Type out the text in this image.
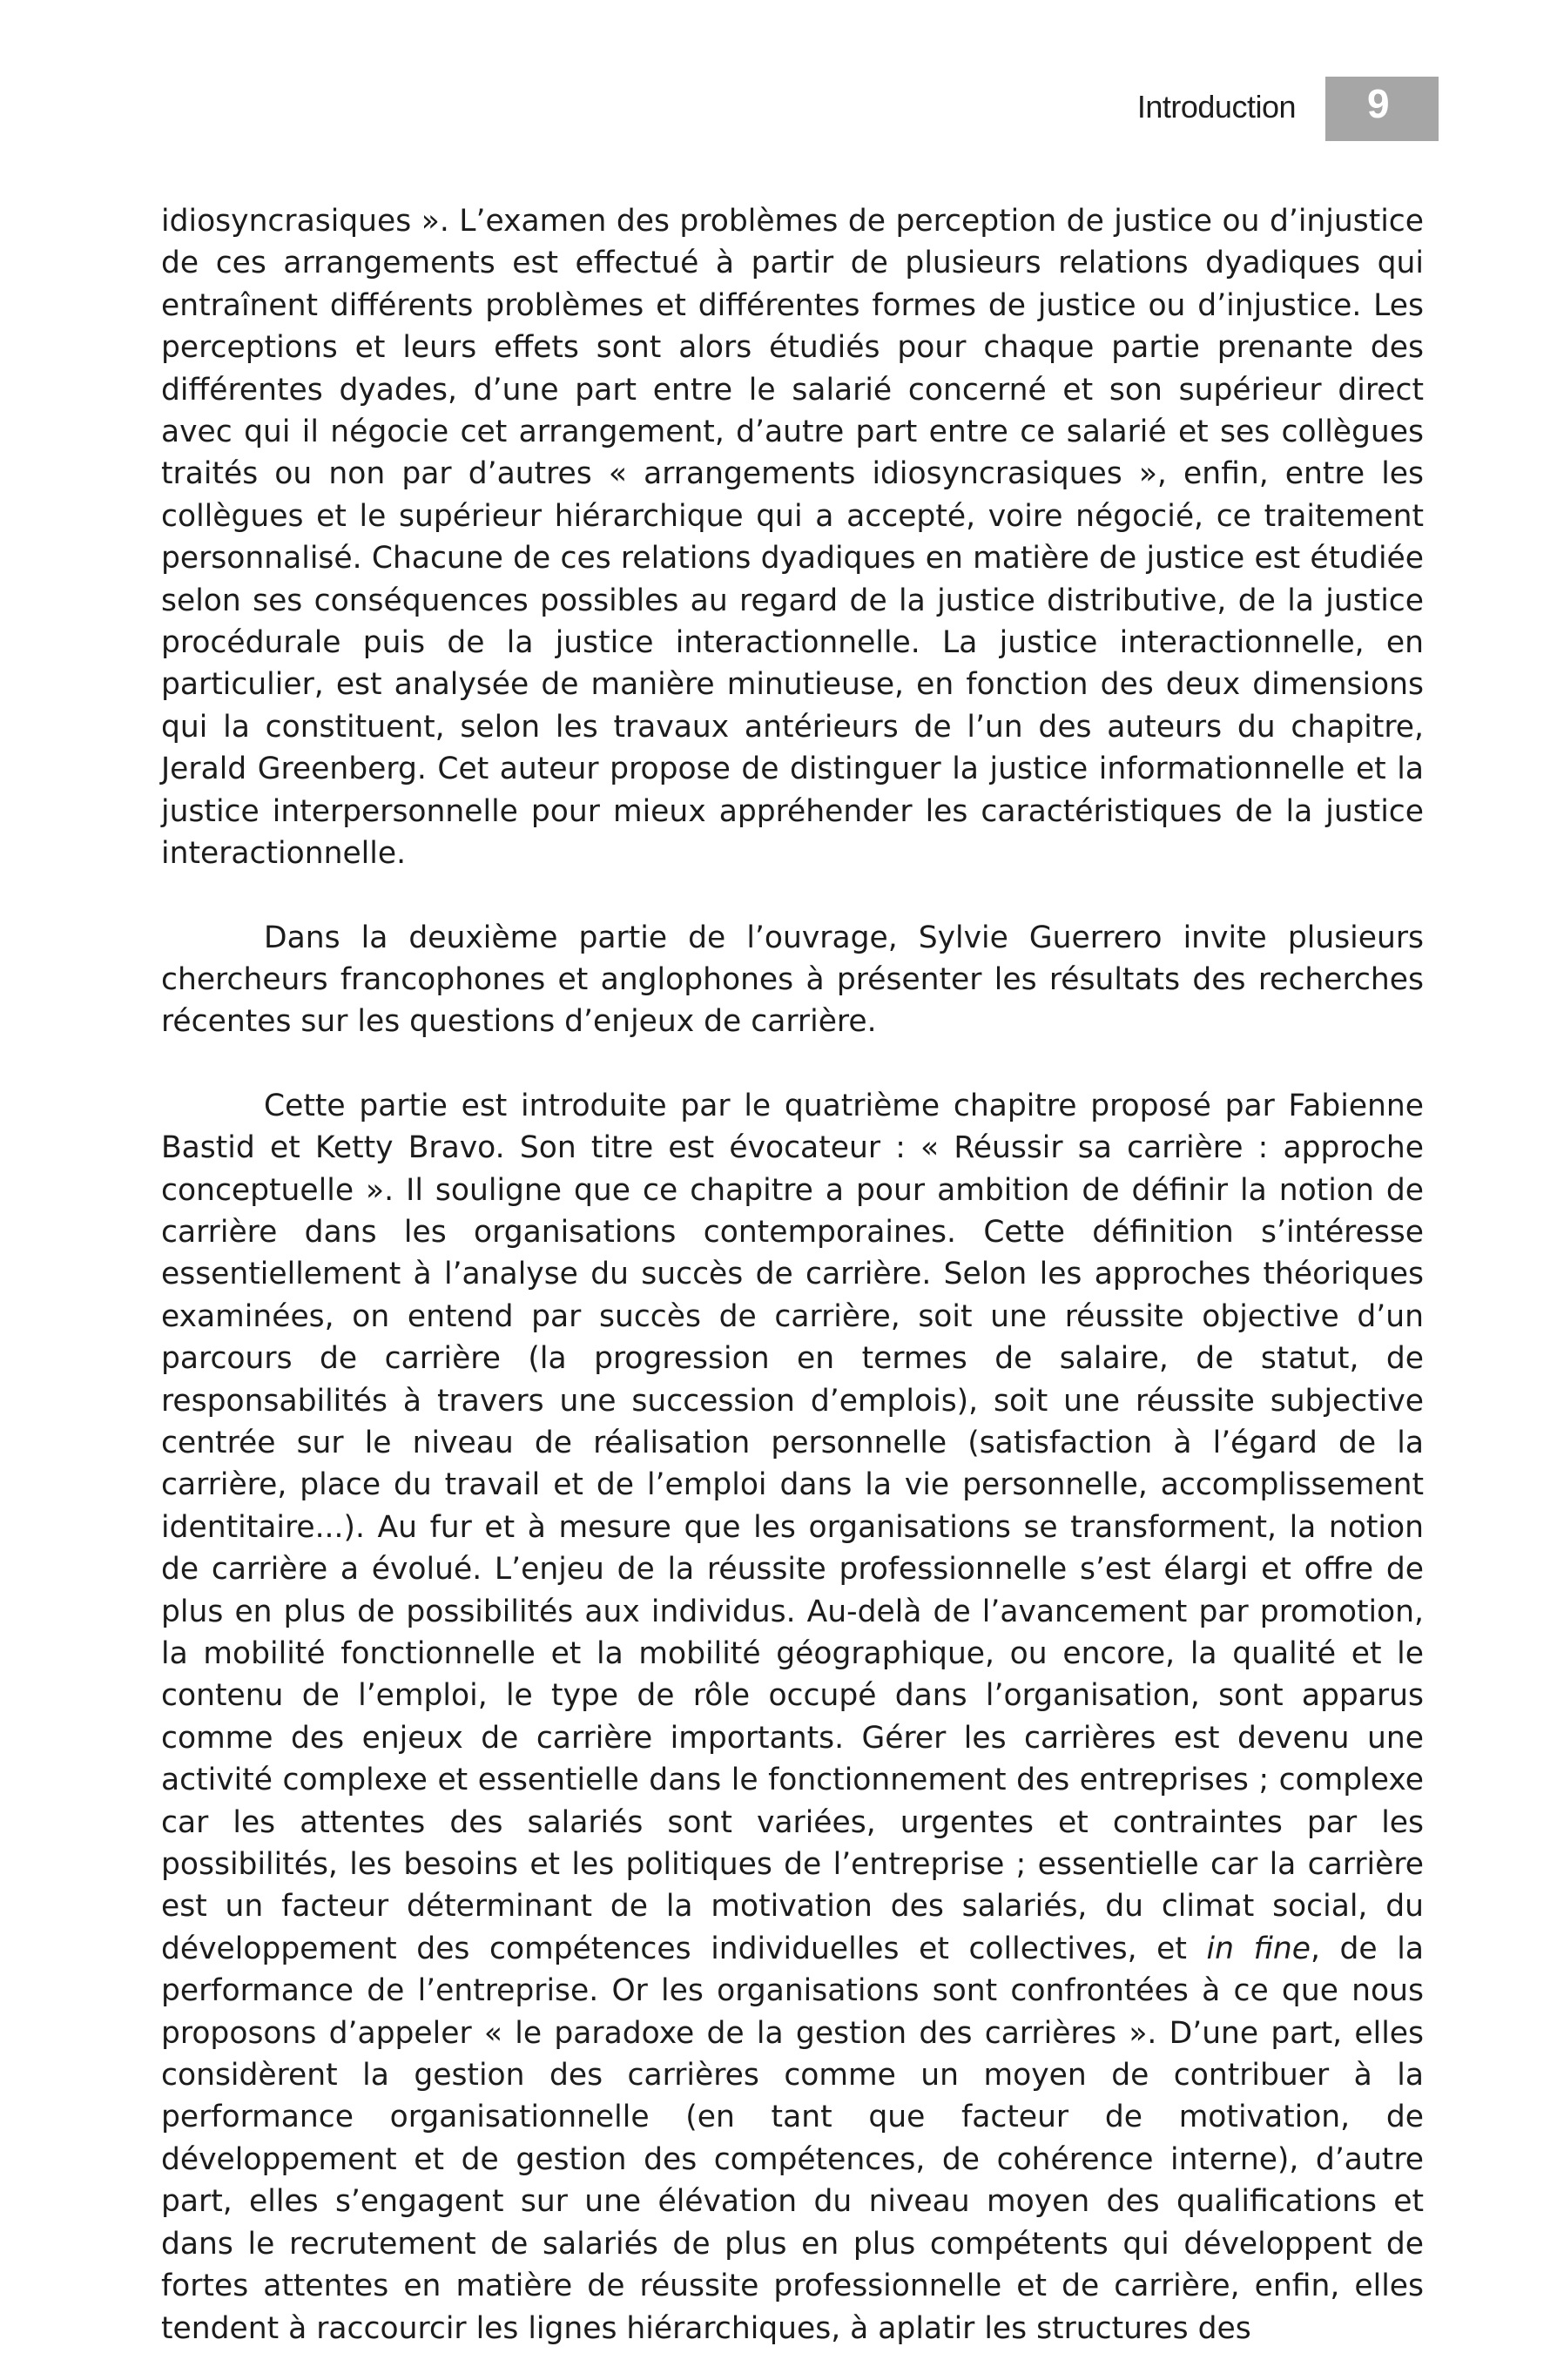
Introduction 9

idiosyncrasiques ». L’examen des problèmes de perception de justice ou d’injustice de ces arrangements est effectué à partir de plusieurs relations dyadiques qui entraînent différents problèmes et différentes formes de justice ou d’injustice. Les perceptions et leurs effets sont alors étudiés pour chaque partie prenante des différentes dyades, d’une part entre le salarié concerné et son supérieur direct avec qui il négocie cet arrangement, d’autre part entre ce salarié et ses collègues traités ou non par d’autres « arrangements idiosyncrasiques », enfin, entre les collègues et le supérieur hiérarchique qui a accepté, voire négocié, ce traitement personnalisé. Chacune de ces relations dyadiques en matière de justice est étudiée selon ses conséquences possibles au regard de la justice distributive, de la justice procédurale puis de la justice interactionnelle. La justice interactionnelle, en particulier, est analysée de manière minutieuse, en fonction des deux dimensions qui la constituent, selon les travaux antérieurs de l’un des auteurs du chapitre, Jerald Greenberg. Cet auteur propose de distinguer la justice informationnelle et la justice interpersonnelle pour mieux appréhender les caractéristiques de la justice interactionnelle.

Dans la deuxième partie de l’ouvrage, Sylvie Guerrero invite plusieurs chercheurs francophones et anglophones à présenter les résultats des recherches récentes sur les questions d’enjeux de carrière.

Cette partie est introduite par le quatrième chapitre proposé par Fabienne Bastid et Ketty Bravo. Son titre est évocateur : « Réussir sa carrière : approche conceptuelle ». Il souligne que ce chapitre a pour ambition de définir la notion de carrière dans les organisations contemporaines. Cette définition s’intéresse essentiellement à l’analyse du succès de carrière. Selon les approches théoriques examinées, on entend par succès de carrière, soit une réussite objective d’un parcours de carrière (la progression en termes de salaire, de statut, de responsabilités à travers une succession d’emplois), soit une réussite subjective centrée sur le niveau de réalisation personnelle (satisfaction à l’égard de la carrière, place du travail et de l’emploi dans la vie personnelle, accomplissement identitaire...). Au fur et à mesure que les organisations se transforment, la notion de carrière a évolué. L’enjeu de la réussite professionnelle s’est élargi et offre de plus en plus de possibilités aux individus. Au-delà de l’avancement par promotion, la mobilité fonctionnelle et la mobilité géographique, ou encore, la qualité et le contenu de l’emploi, le type de rôle occupé dans l’organisation, sont apparus comme des enjeux de carrière importants. Gérer les carrières est devenu une activité complexe et essentielle dans le fonctionnement des entreprises ; complexe car les attentes des salariés sont variées, urgentes et contraintes par les possibilités, les besoins et les politiques de l’entreprise ; essentielle car la carrière est un facteur déterminant de la motivation des salariés, du climat social, du développement des compétences individuelles et collectives, et in fine, de la performance de l’entreprise. Or les organisations sont confrontées à ce que nous proposons d’appeler « le paradoxe de la gestion des carrières ». D’une part, elles considèrent la gestion des carrières comme un moyen de contribuer à la performance organisationnelle (en tant que facteur de motivation, de développement et de gestion des compétences, de cohérence interne), d’autre part, elles s’engagent sur une élévation du niveau moyen des qualifications et dans le recrutement de salariés de plus en plus compétents qui développent de fortes attentes en matière de réussite professionnelle et de carrière, enfin, elles tendent à raccourcir les lignes hiérarchiques, à aplatir les structures des
